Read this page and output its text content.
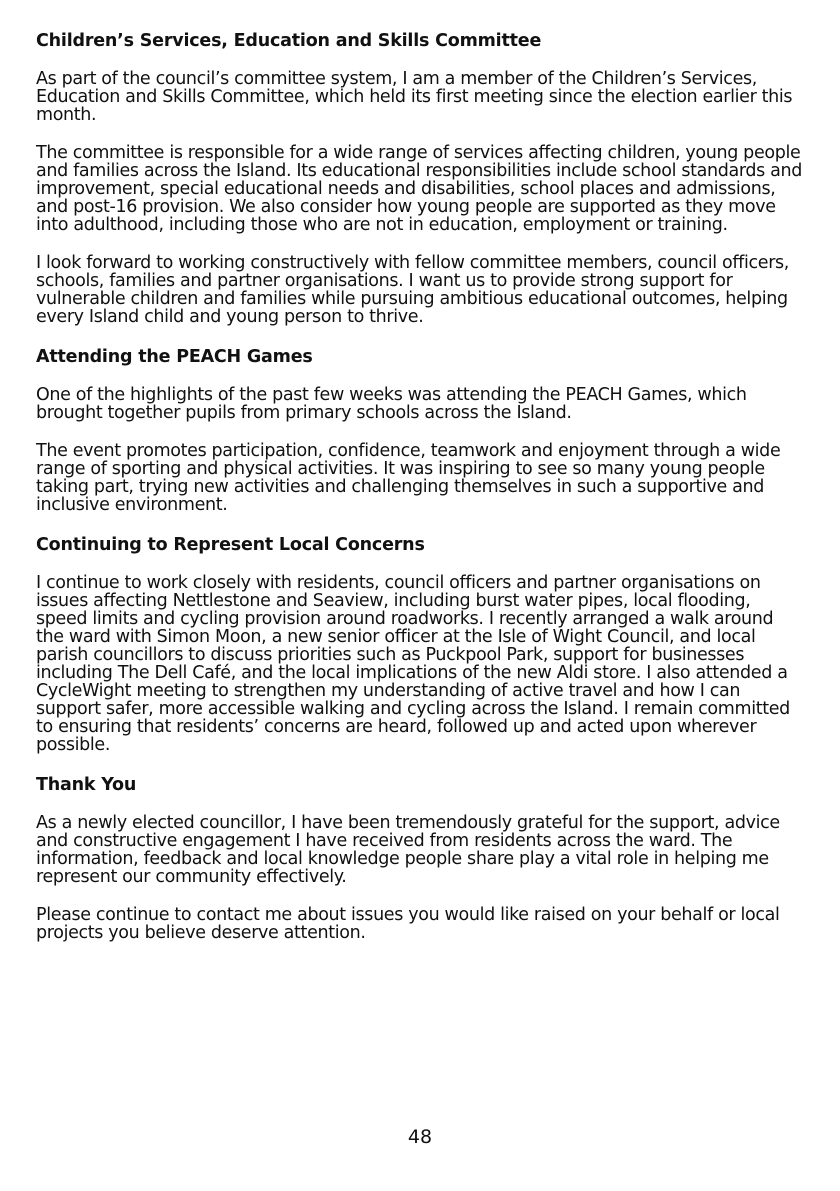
Children’s Services, Education and Skills Committee

As part of the council’s committee system, I am a member of the Children’s Services, Education and Skills Committee, which held its first meeting since the election earlier this month.

The committee is responsible for a wide range of services affecting children, young people and families across the Island. Its educational responsibilities include school standards and improvement, special educational needs and disabilities, school places and admissions, and post-16 provision. We also consider how young people are supported as they move into adulthood, including those who are not in education, employment or training.

I look forward to working constructively with fellow committee members, council officers, schools, families and partner organisations. I want us to provide strong support for vulnerable children and families while pursuing ambitious educational outcomes, helping every Island child and young person to thrive.

Attending the PEACH Games

One of the highlights of the past few weeks was attending the PEACH Games, which brought together pupils from primary schools across the Island.

The event promotes participation, confidence, teamwork and enjoyment through a wide range of sporting and physical activities. It was inspiring to see so many young people taking part, trying new activities and challenging themselves in such a supportive and inclusive environment.

Continuing to Represent Local Concerns

I continue to work closely with residents, council officers and partner organisations on issues affecting Nettlestone and Seaview, including burst water pipes, local flooding, speed limits and cycling provision around roadworks. I recently arranged a walk around the ward with Simon Moon, a new senior officer at the Isle of Wight Council, and local parish councillors to discuss priorities such as Puckpool Park, support for businesses including The Dell Café, and the local implications of the new Aldi store. I also attended a CycleWight meeting to strengthen my understanding of active travel and how I can support safer, more accessible walking and cycling across the Island. I remain committed to ensuring that residents’ concerns are heard, followed up and acted upon wherever possible.

Thank You

As a newly elected councillor, I have been tremendously grateful for the support, advice and constructive engagement I have received from residents across the ward. The information, feedback and local knowledge people share play a vital role in helping me represent our community effectively.

Please continue to contact me about issues you would like raised on your behalf or local projects you believe deserve attention.

48
